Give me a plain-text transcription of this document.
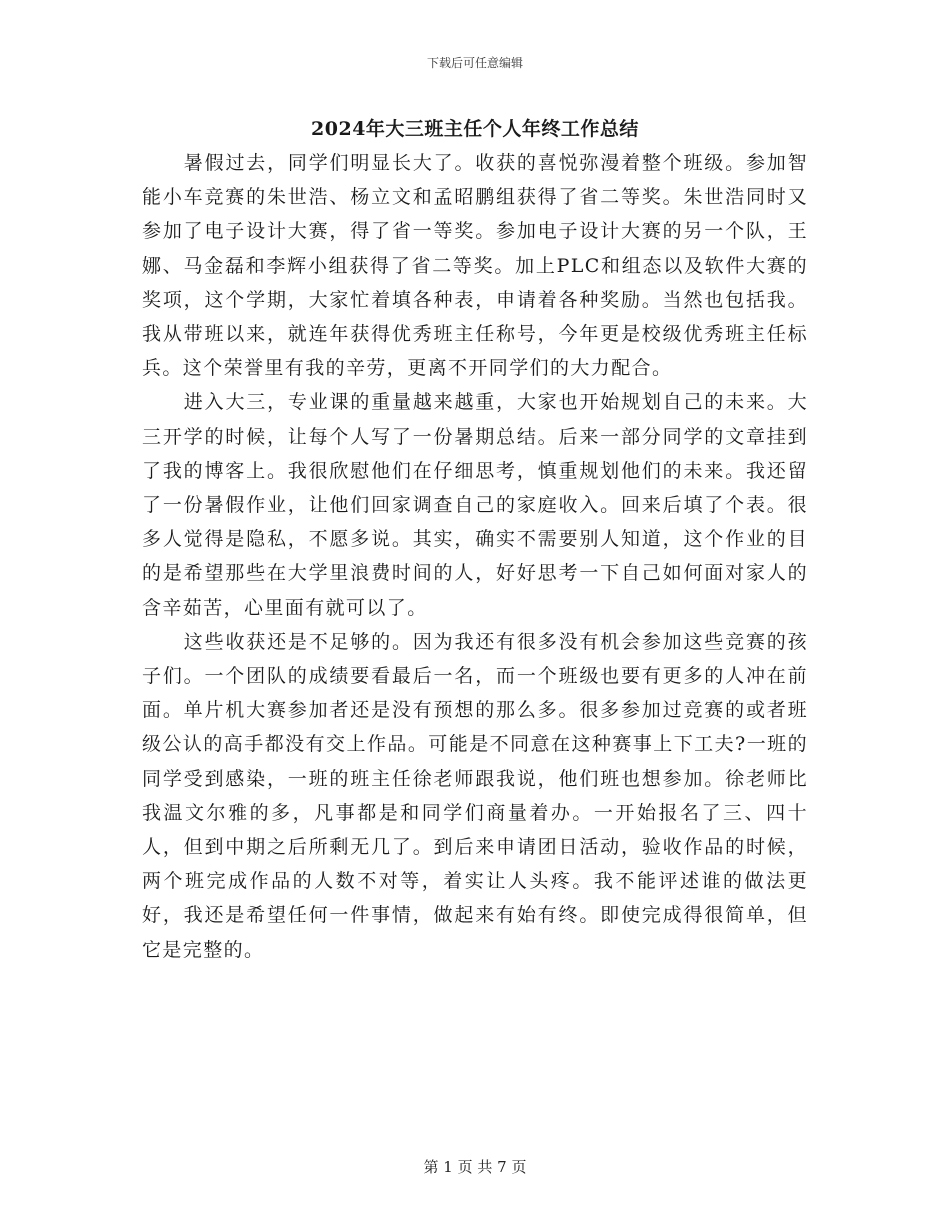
下载后可任意编辑
2024年大三班主任个人年终工作总结

暑假过去，同学们明显长大了。收获的喜悦弥漫着整个班级。参加智能小车竞赛的朱世浩、杨立文和孟昭鹏组获得了省二等奖。朱世浩同时又参加了电子设计大赛，得了省一等奖。参加电子设计大赛的另一个队，王娜、马金磊和李辉小组获得了省二等奖。加上PLC和组态以及软件大赛的奖项，这个学期，大家忙着填各种表，申请着各种奖励。当然也包括我。我从带班以来，就连年获得优秀班主任称号，今年更是校级优秀班主任标兵。这个荣誉里有我的辛劳，更离不开同学们的大力配合。

进入大三，专业课的重量越来越重，大家也开始规划自己的未来。大三开学的时候，让每个人写了一份暑期总结。后来一部分同学的文章挂到了我的博客上。我很欣慰他们在仔细思考，慎重规划他们的未来。我还留了一份暑假作业，让他们回家调查自己的家庭收入。回来后填了个表。很多人觉得是隐私，不愿多说。其实，确实不需要别人知道，这个作业的目的是希望那些在大学里浪费时间的人，好好思考一下自己如何面对家人的含辛茹苦，心里面有就可以了。

这些收获还是不足够的。因为我还有很多没有机会参加这些竞赛的孩子们。一个团队的成绩要看最后一名，而一个班级也要有更多的人冲在前面。单片机大赛参加者还是没有预想的那么多。很多参加过竞赛的或者班级公认的高手都没有交上作品。可能是不同意在这种赛事上下工夫?一班的同学受到感染，一班的班主任徐老师跟我说，他们班也想参加。徐老师比我温文尔雅的多，凡事都是和同学们商量着办。一开始报名了三、四十人，但到中期之后所剩无几了。到后来申请团日活动，验收作品的时候，两个班完成作品的人数不对等，着实让人头疼。我不能评述谁的做法更好，我还是希望任何一件事情，做起来有始有终。即使完成得很简单，但它是完整的。

第 1 页 共 7 页
